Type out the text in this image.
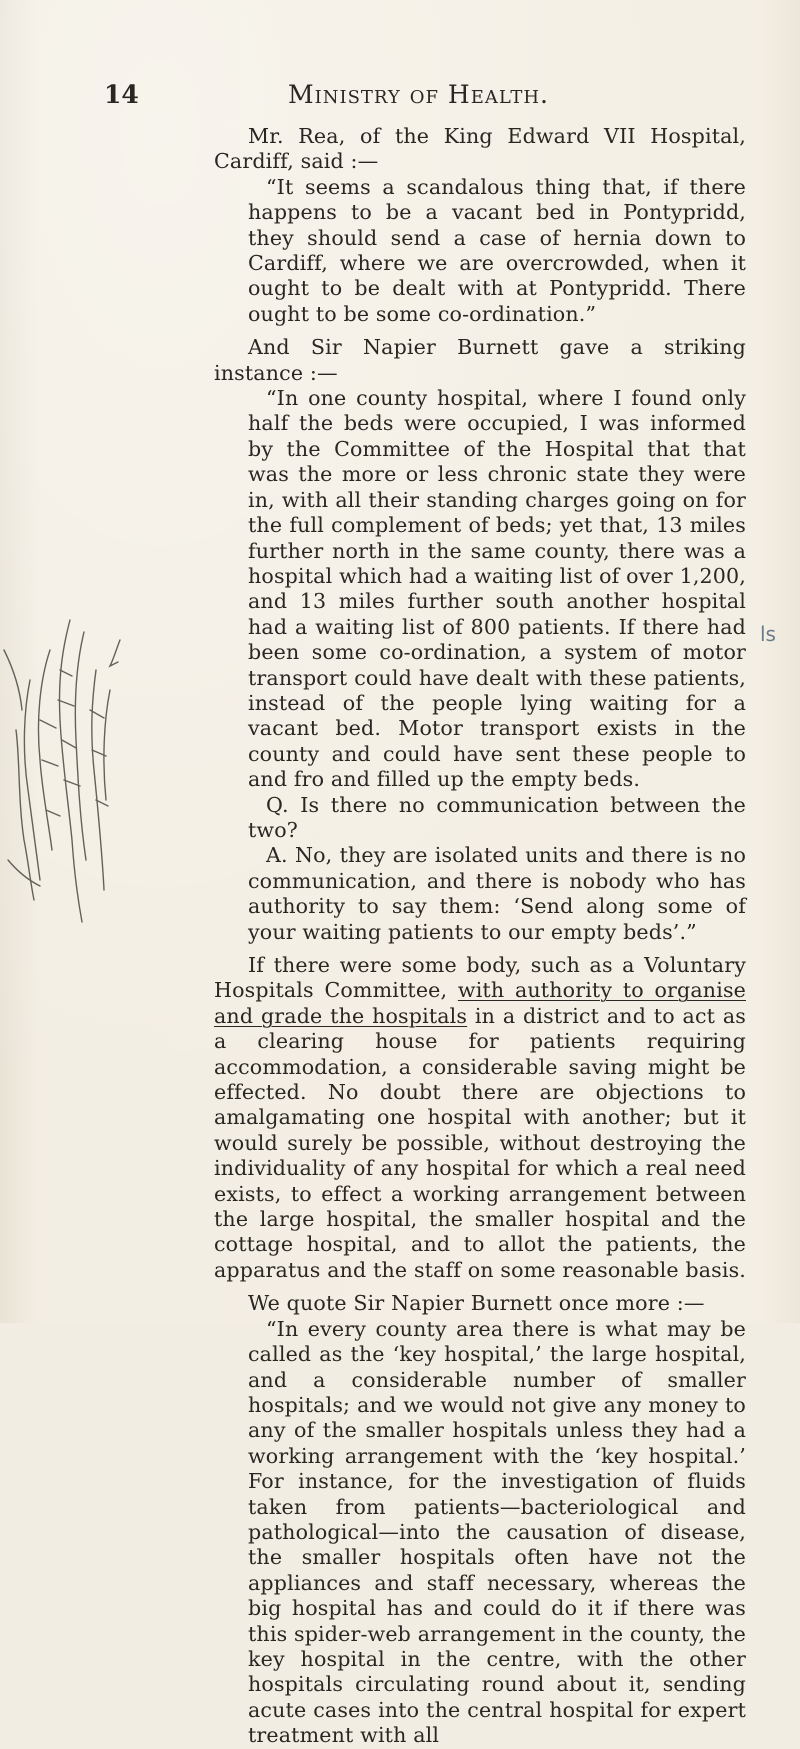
14	Ministry of Health.
ls

Mr. Rea, of the King Edward VII Hospital, Cardiff, said :—

“It seems a scandalous thing that, if there happens to be a vacant bed in Pontypridd, they should send a case of hernia down to Cardiff, where we are overcrowded, when it ought to be dealt with at Pontypridd. There ought to be some co-ordination.”

And Sir Napier Burnett gave a striking instance :—

“In one county hospital, where I found only half the beds were occupied, I was informed by the Committee of the Hospital that that was the more or less chronic state they were in, with all their standing charges going on for the full complement of beds; yet that, 13 miles further north in the same county, there was a hospital which had a waiting list of over 1,200, and 13 miles further south another hospital had a waiting list of 800 patients. If there had been some co-ordination, a system of motor transport could have dealt with these patients, instead of the people lying waiting for a vacant bed. Motor transport exists in the county and could have sent these people to and fro and filled up the empty beds.

Q. Is there no communication between the two?

A. No, they are isolated units and there is no communication, and there is nobody who has authority to say them: ‘Send along some of your waiting patients to our empty beds’.”

If there were some body, such as a Voluntary Hospitals Committee, with authority to organise and grade the hospitals in a district and to act as a clearing house for patients requiring accommodation, a considerable saving might be effected. No doubt there are objections to amalgamating one hospital with another; but it would surely be possible, without destroying the individuality of any hospital for which a real need exists, to effect a working arrangement between the large hospital, the smaller hospital and the cottage hospital, and to allot the patients, the apparatus and the staff on some reasonable basis.

We quote Sir Napier Burnett once more :—

“In every county area there is what may be called as the ‘key hospital,’ the large hospital, and a considerable number of smaller hospitals; and we would not give any money to any of the smaller hospitals unless they had a working arrangement with the ‘key hospital.’ For instance, for the investigation of fluids taken from patients—bacteriological and pathological—into the causation of disease, the smaller hospitals often have not the appliances and staff necessary, whereas the big hospital has and could do it if there was this spider-web arrangement in the county, the key hospital in the centre, with the other hospitals circulating round about it, sending acute cases into the central hospital for expert treatment with all
